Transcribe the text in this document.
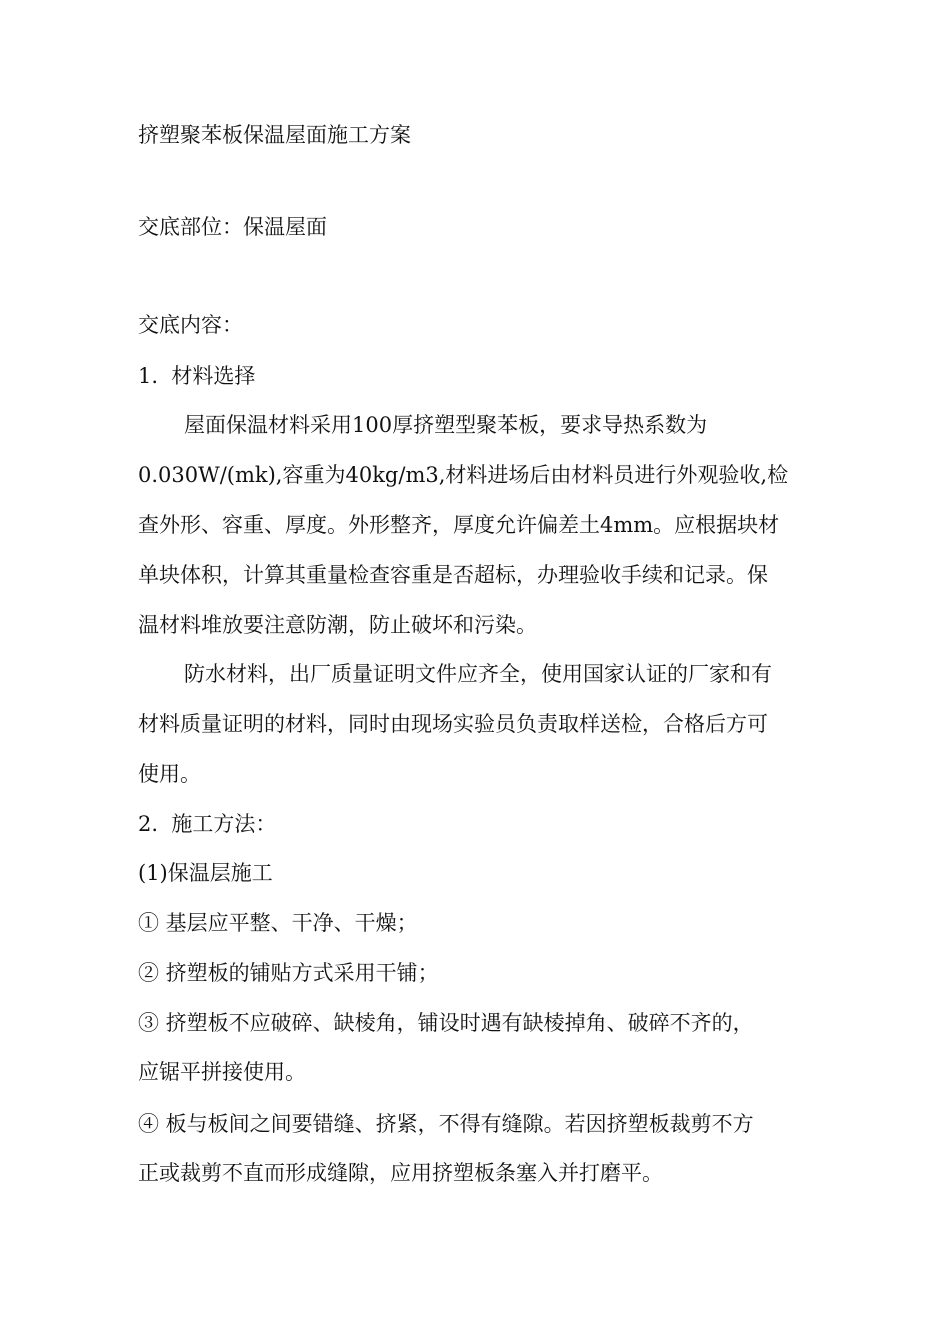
挤塑聚苯板保温屋面施工方案
交底部位：保温屋面
交底内容：
1.  材料选择
屋面保温材料采用100厚挤塑型聚苯板，要求导热系数为
0.030W/(mk),容重为40kg/m3,材料进场后由材料员进行外观验收,检
查外形、容重、厚度。外形整齐，厚度允许偏差土4mm。应根据块材
单块体积，计算其重量检查容重是否超标，办理验收手续和记录。保
温材料堆放要注意防潮，防止破坏和污染。
防水材料，出厂质量证明文件应齐全，使用国家认证的厂家和有
材料质量证明的材料，同时由现场实验员负责取样送检，合格后方可
使用。
2.  施工方法：
(1)保温层施工
① 基层应平整、干净、干燥；
② 挤塑板的铺贴方式采用干铺；
③ 挤塑板不应破碎、缺棱角，铺设时遇有缺棱掉角、破碎不齐的，
应锯平拼接使用。
④ 板与板间之间要错缝、挤紧，不得有缝隙。若因挤塑板裁剪不方
正或裁剪不直而形成缝隙，应用挤塑板条塞入并打磨平。
